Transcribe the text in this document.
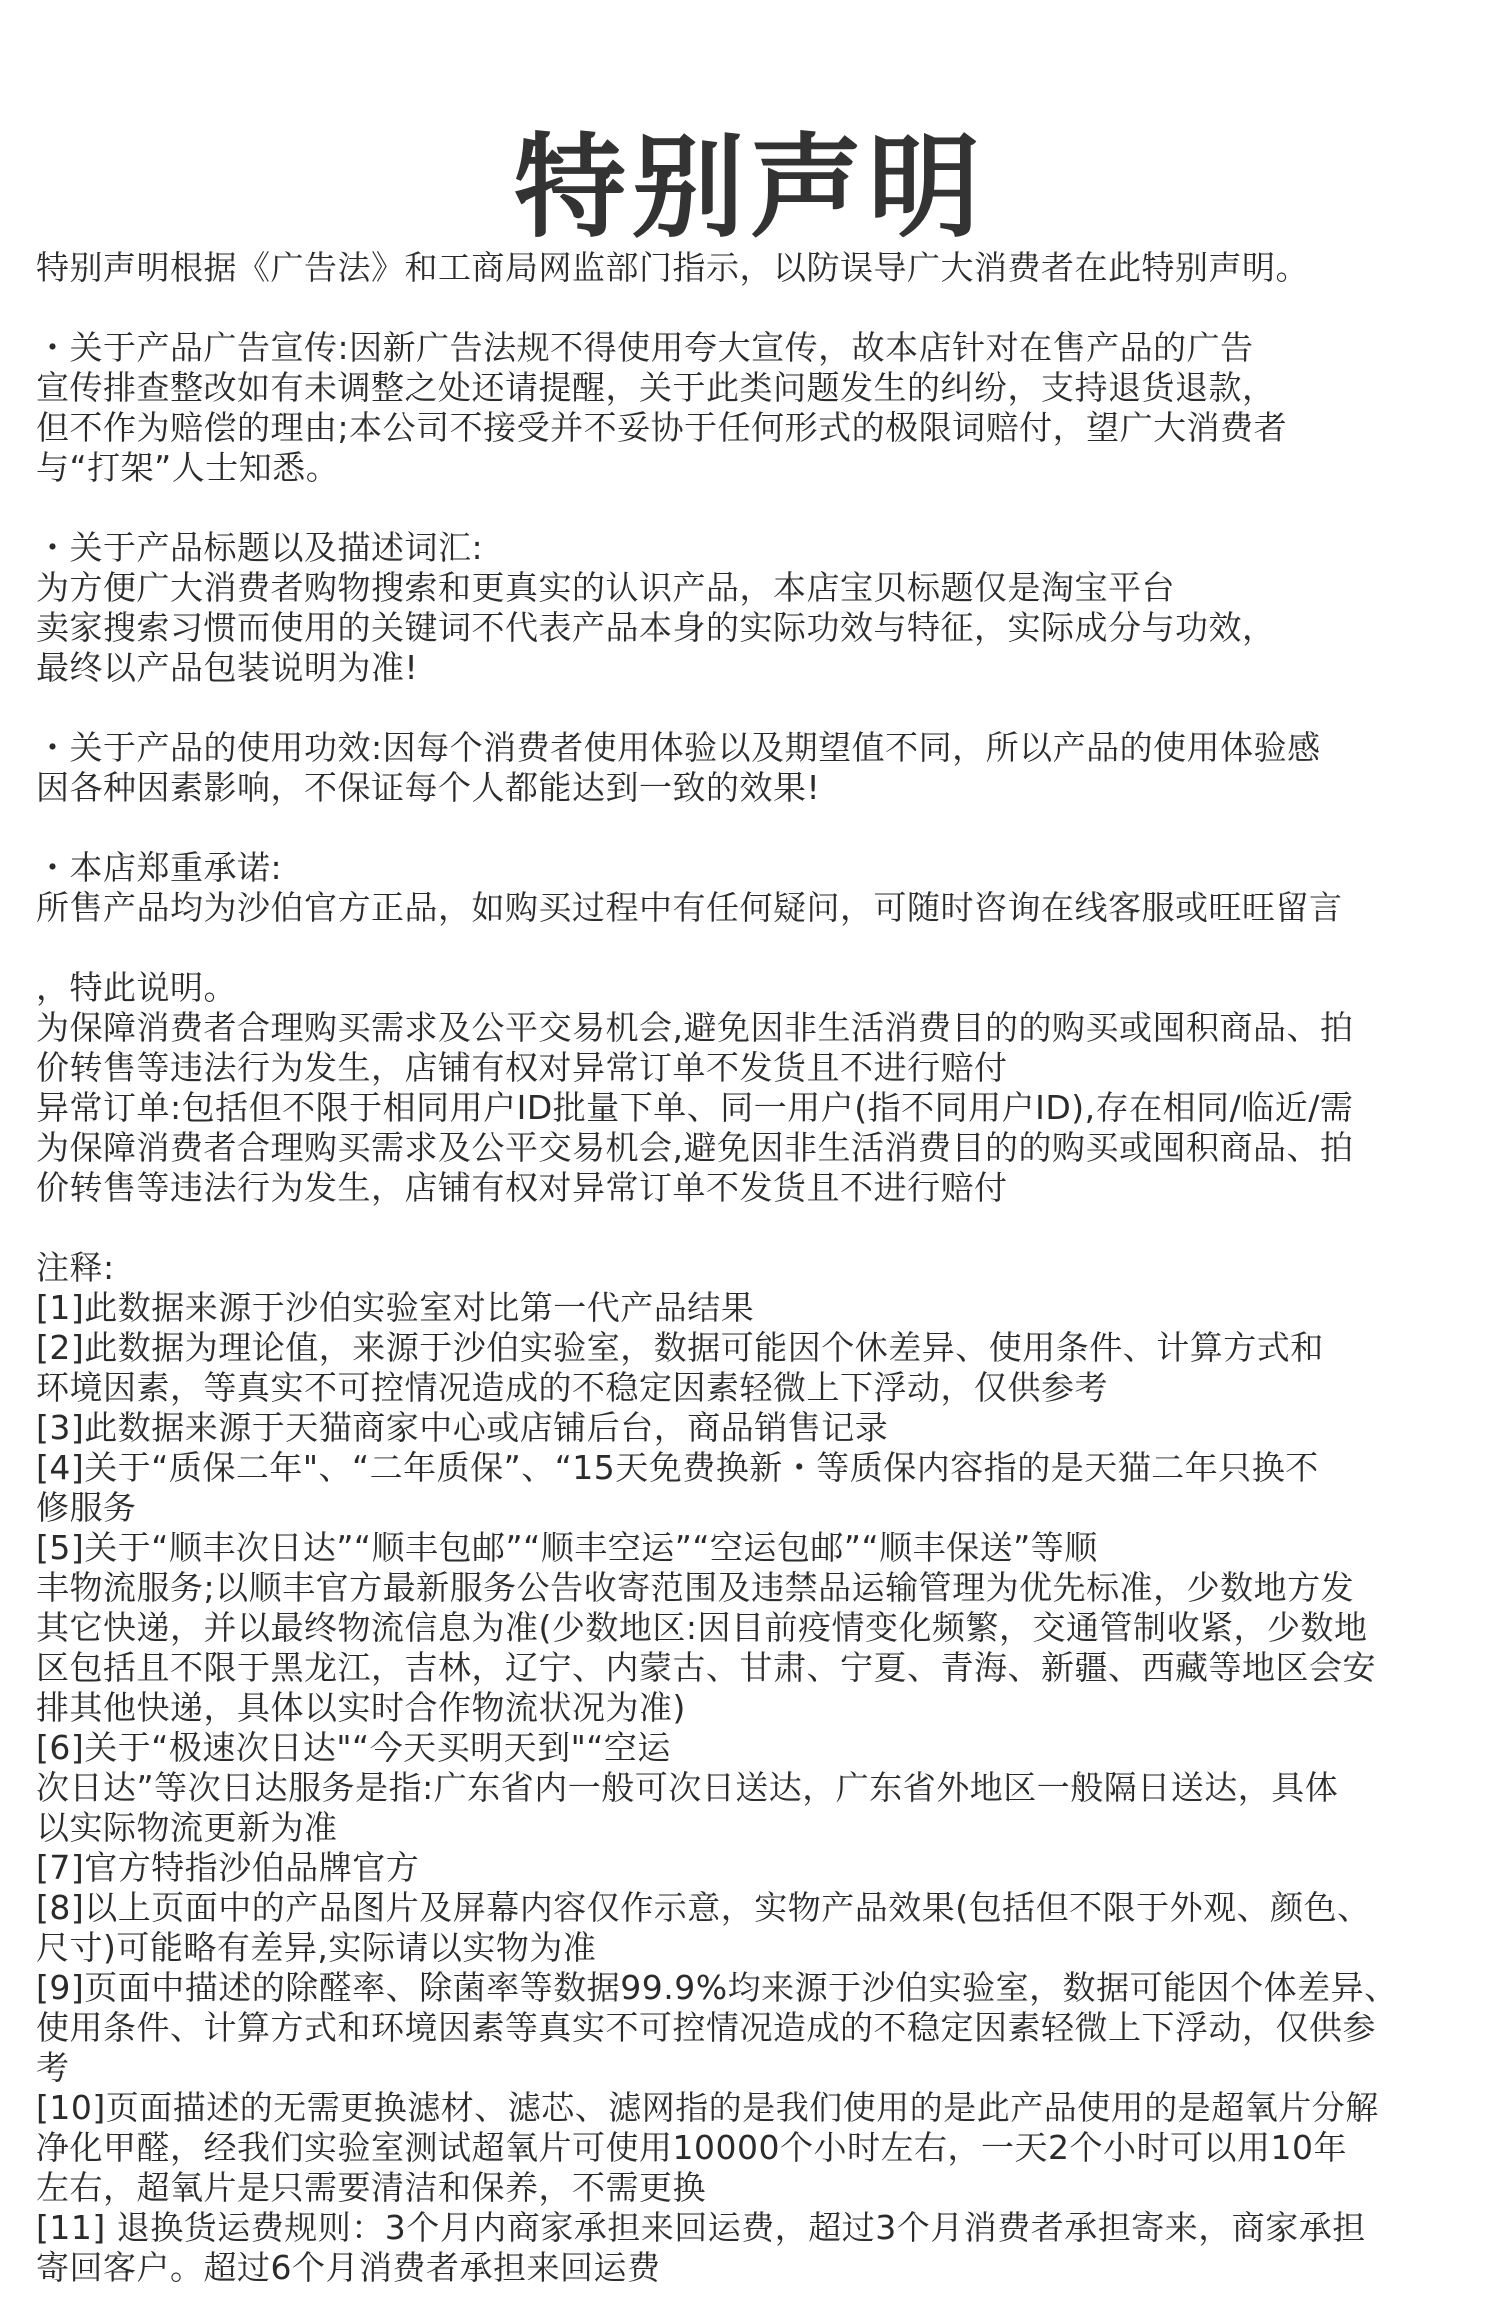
特别声明
特别声明根据《广告法》和工商局网监部门指示，以防误导广大消费者在此特别声明。
・关于产品广告宣传:因新广告法规不得使用夸大宣传，故本店针对在售产品的广告
宣传排查整改如有未调整之处还请提醒，关于此类问题发生的纠纷，支持退货退款，
但不作为赔偿的理由;本公司不接受并不妥协于任何形式的极限词赔付，望广大消费者
与“打架”人士知悉。
・关于产品标题以及描述词汇:
为方便广大消费者购物搜索和更真实的认识产品，本店宝贝标题仅是淘宝平台
卖家搜索习惯而使用的关键词不代表产品本身的实际功效与特征，实际成分与功效，
最终以产品包装说明为准!
・关于产品的使用功效:因每个消费者使用体验以及期望值不同，所以产品的使用体验感
因各种因素影响，不保证每个人都能达到一致的效果!
・本店郑重承诺:
所售产品均为沙伯官方正品，如购买过程中有任何疑问，可随时咨询在线客服或旺旺留言
，特此说明。
为保障消费者合理购买需求及公平交易机会,避免因非生活消费目的的购买或囤积商品、拍
价转售等违法行为发生，店铺有权对异常订单不发货且不进行赔付
异常订单:包括但不限于相同用户ID批量下单、同一用户(指不同用户ID),存在相同/临近/需
为保障消费者合理购买需求及公平交易机会,避免因非生活消费目的的购买或囤积商品、拍
价转售等违法行为发生，店铺有权对异常订单不发货且不进行赔付
注释:
[1]此数据来源于沙伯实验室对比第一代产品结果
[2]此数据为理论值，来源于沙伯实验室，数据可能因个休差异、使用条件、计算方式和
环境因素，等真实不可控情况造成的不稳定因素轻微上下浮动，仅供参考
[3]此数据来源于天猫商家中心或店铺后台，商品销售记录
[4]关于“质保二年"、“二年质保”、“15天免费换新・等质保内容指的是天猫二年只换不
修服务
[5]关于“顺丰次日达”“顺丰包邮”“顺丰空运”“空运包邮”“顺丰保送”等顺
丰物流服务;以顺丰官方最新服务公告收寄范围及违禁品运输管理为优先标准，少数地方发
其它快递，并以最终物流信息为准(少数地区:因目前疫情变化频繁，交通管制收紧，少数地
区包括且不限于黑龙江，吉林，辽宁、内蒙古、甘肃、宁夏、青海、新疆、西藏等地区会安
排其他快递，具体以实时合作物流状况为准)
[6]关于“极速次日达"“今天买明天到"“空运
次日达”等次日达服务是指:广东省内一般可次日送达，广东省外地区一般隔日送达，具体
以实际物流更新为准
[7]官方特指沙伯品牌官方
[8]以上页面中的产品图片及屏幕内容仅作示意，实物产品效果(包括但不限于外观、颜色、
尺寸)可能略有差异,实际请以实物为准
[9]页面中描述的除醛率、除菌率等数据99.9%均来源于沙伯实验室，数据可能因个体差异、
使用条件、计算方式和环境因素等真实不可控情况造成的不稳定因素轻微上下浮动，仅供参
考
[10]页面描述的无需更换滤材、滤芯、滤网指的是我们使用的是此产品使用的是超氧片分解
净化甲醛，经我们实验室测试超氧片可使用10000个小时左右，一天2个小时可以用10年
左右，超氧片是只需要清洁和保养，不需更换
[11] 退换货运费规则：3个月内商家承担来回运费，超过3个月消费者承担寄来，商家承担
寄回客户。超过6个月消费者承担来回运费
